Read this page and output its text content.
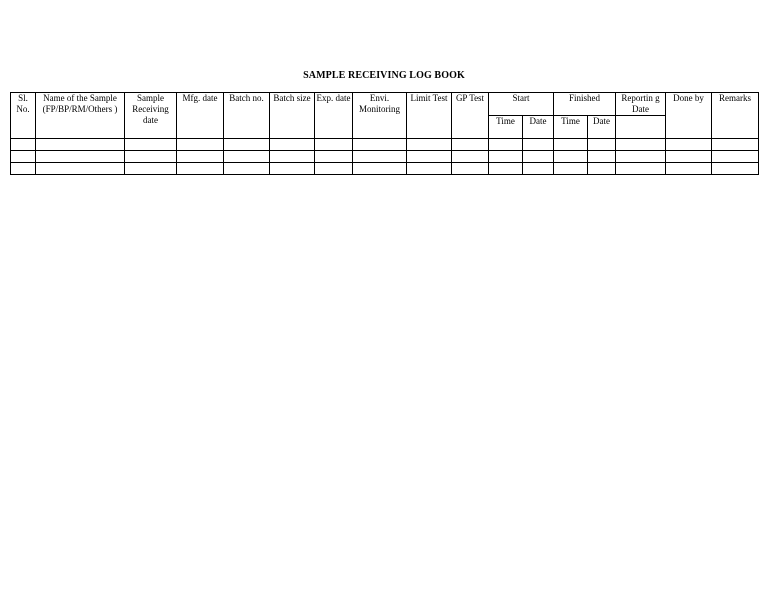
SAMPLE RECEIVING LOG BOOK
Sl. No.	Name of the Sample (FP/BP/RM/Others )	Sample Receiving date	Mfg. date	Batch no.	Batch size	Exp. date	Envi. Monitoring	Limit Test	GP Test	Start		Finished		Reportin g Date	Done by	Remarks
										Time	Date	Time	Date			
